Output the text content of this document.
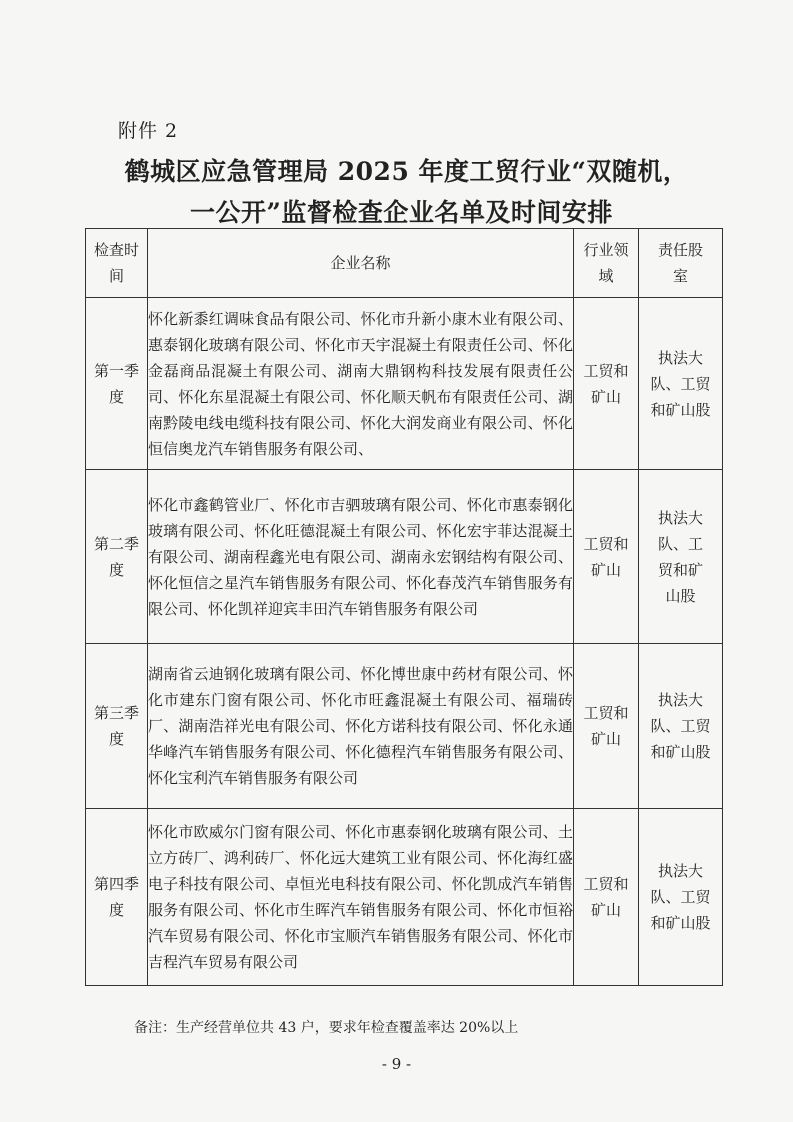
附件 2
鹤城区应急管理局 2025 年度工贸行业“双随机，
一公开”监督检查企业名单及时间安排
检查时间	企业名称	行业领域	责任股室
第一季度	怀化新黍红调味食品有限公司、怀化市升新小康木业有限公司、惠泰钢化玻璃有限公司、怀化市天宇混凝土有限责任公司、怀化金磊商品混凝土有限公司、湖南大鼎钢构科技发展有限责任公司、怀化东星混凝土有限公司、怀化顺天帆布有限责任公司、湖南黔陵电线电缆科技有限公司、怀化大润发商业有限公司、怀化恒信奥龙汽车销售服务有限公司、	工贸和矿山	执法大队、工贸和矿山股
第二季度	怀化市鑫鹤管业厂、怀化市吉驷玻璃有限公司、怀化市惠泰钢化玻璃有限公司、怀化旺德混凝土有限公司、怀化宏宇菲达混凝土有限公司、湖南程鑫光电有限公司、湖南永宏钢结构有限公司、怀化恒信之星汽车销售服务有限公司、怀化春茂汽车销售服务有限公司、怀化凯祥迎宾丰田汽车销售服务有限公司	工贸和矿山	执法大队、工贸和矿山股
第三季度	湖南省云迪钢化玻璃有限公司、怀化博世康中药材有限公司、怀化市建东门窗有限公司、怀化市旺鑫混凝土有限公司、福瑞砖厂、湖南浩祥光电有限公司、怀化方诺科技有限公司、怀化永通华峰汽车销售服务有限公司、怀化德程汽车销售服务有限公司、怀化宝利汽车销售服务有限公司	工贸和矿山	执法大队、工贸和矿山股
第四季度	怀化市欧威尔门窗有限公司、怀化市惠泰钢化玻璃有限公司、土立方砖厂、鸿利砖厂、怀化远大建筑工业有限公司、怀化海红盛电子科技有限公司、卓恒光电科技有限公司、怀化凯成汽车销售服务有限公司、怀化市生晖汽车销售服务有限公司、怀化市恒裕汽车贸易有限公司、怀化市宝顺汽车销售服务有限公司、怀化市吉程汽车贸易有限公司	工贸和矿山	执法大队、工贸和矿山股
备注：生产经营单位共 43 户，要求年检查覆盖率达 20%以上
- 9 -
